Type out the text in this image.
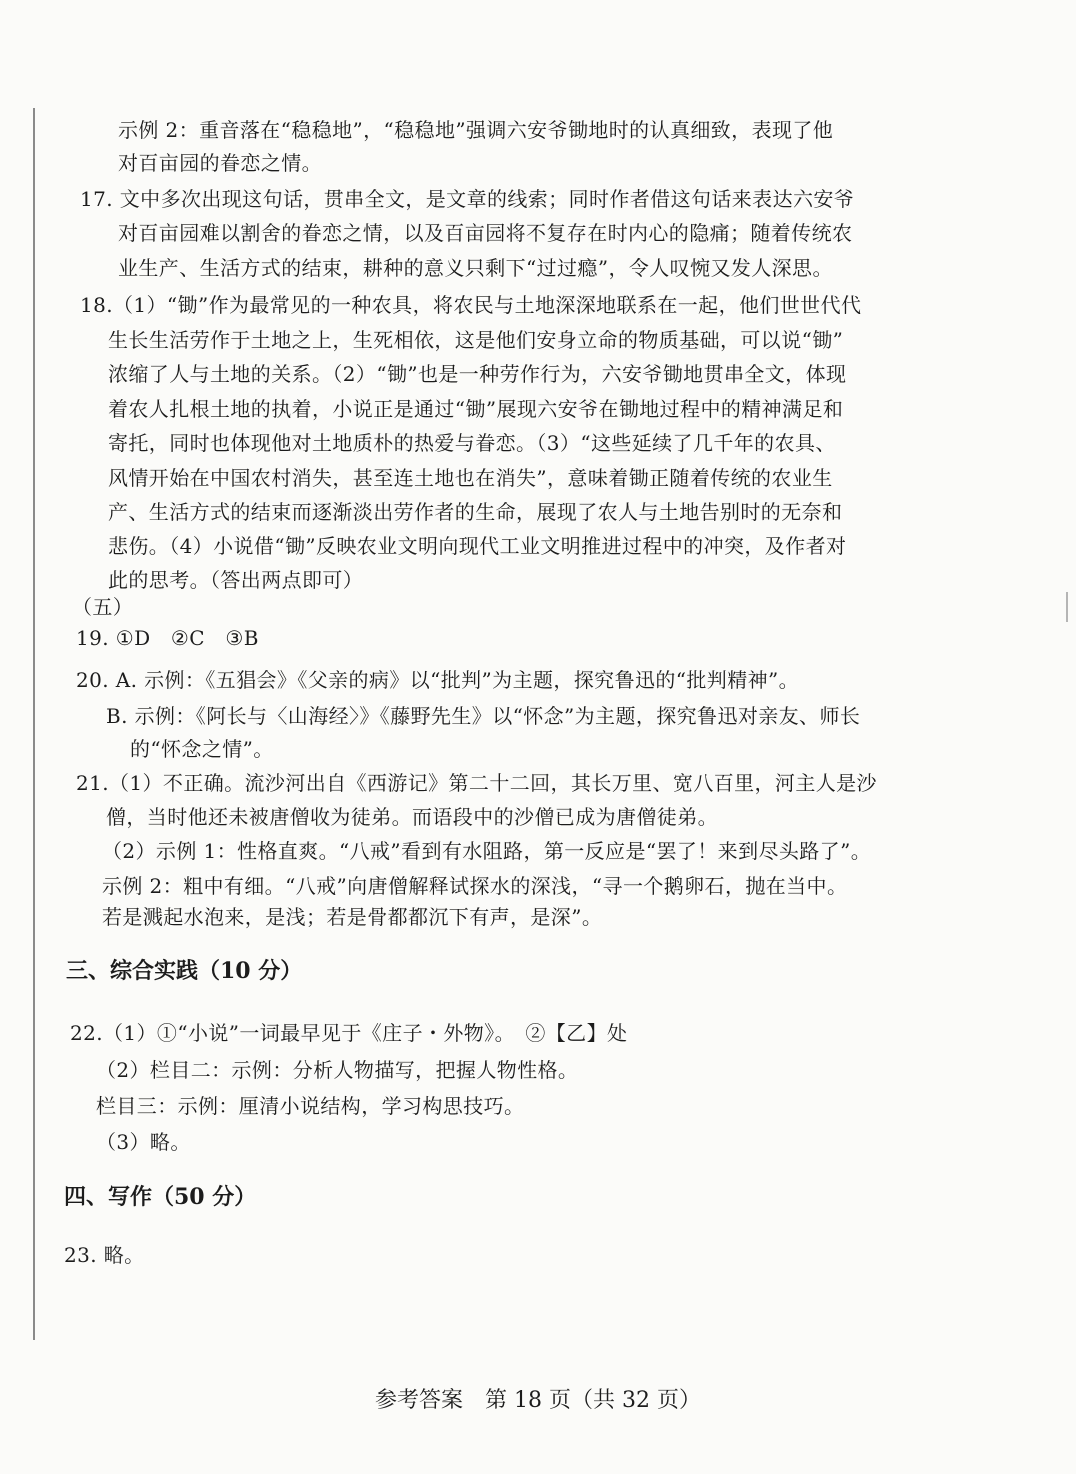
示例 2：重音落在“稳稳地”，“稳稳地”强调六安爷锄地时的认真细致，表现了他
对百亩园的眷恋之情。
17. 文中多次出现这句话，贯串全文，是文章的线索；同时作者借这句话来表达六安爷
对百亩园难以割舍的眷恋之情，以及百亩园将不复存在时内心的隐痛；随着传统农
业生产、生活方式的结束，耕种的意义只剩下“过过瘾”，令人叹惋又发人深思。
18.（1）“锄”作为最常见的一种农具，将农民与土地深深地联系在一起，他们世世代代
生长生活劳作于土地之上，生死相依，这是他们安身立命的物质基础，可以说“锄”
浓缩了人与土地的关系。（2）“锄”也是一种劳作行为，六安爷锄地贯串全文，体现
着农人扎根土地的执着，小说正是通过“锄”展现六安爷在锄地过程中的精神满足和
寄托，同时也体现他对土地质朴的热爱与眷恋。（3）“这些延续了几千年的农具、
风情开始在中国农村消失，甚至连土地也在消失”，意味着锄正随着传统的农业生
产、生活方式的结束而逐渐淡出劳作者的生命，展现了农人与土地告别时的无奈和
悲伤。（4）小说借“锄”反映农业文明向现代工业文明推进过程中的冲突，及作者对
此的思考。（答出两点即可）
（五）
19. ①D　②C　③B
20. A. 示例：《五猖会》《父亲的病》以“批判”为主题，探究鲁迅的“批判精神”。
B. 示例：《阿长与〈山海经〉》《藤野先生》以“怀念”为主题，探究鲁迅对亲友、师长
的“怀念之情”。
21.（1）不正确。流沙河出自《西游记》第二十二回，其长万里、宽八百里，河主人是沙
僧，当时他还未被唐僧收为徒弟。而语段中的沙僧已成为唐僧徒弟。
（2）示例 1：性格直爽。“八戒”看到有水阻路，第一反应是“罢了！来到尽头路了”。
示例 2：粗中有细。“八戒”向唐僧解释试探水的深浅，“寻一个鹅卵石，抛在当中。
若是溅起水泡来，是浅；若是骨都都沉下有声，是深”。
三、综合实践（10 分）
22.（1）①“小说”一词最早见于《庄子・外物》。　②【乙】处
（2）栏目二：示例：分析人物描写，把握人物性格。
栏目三：示例：厘清小说结构，学习构思技巧。
（3）略。
四、写作（50 分）
23. 略。
参考答案　第 18 页（共 32 页）
